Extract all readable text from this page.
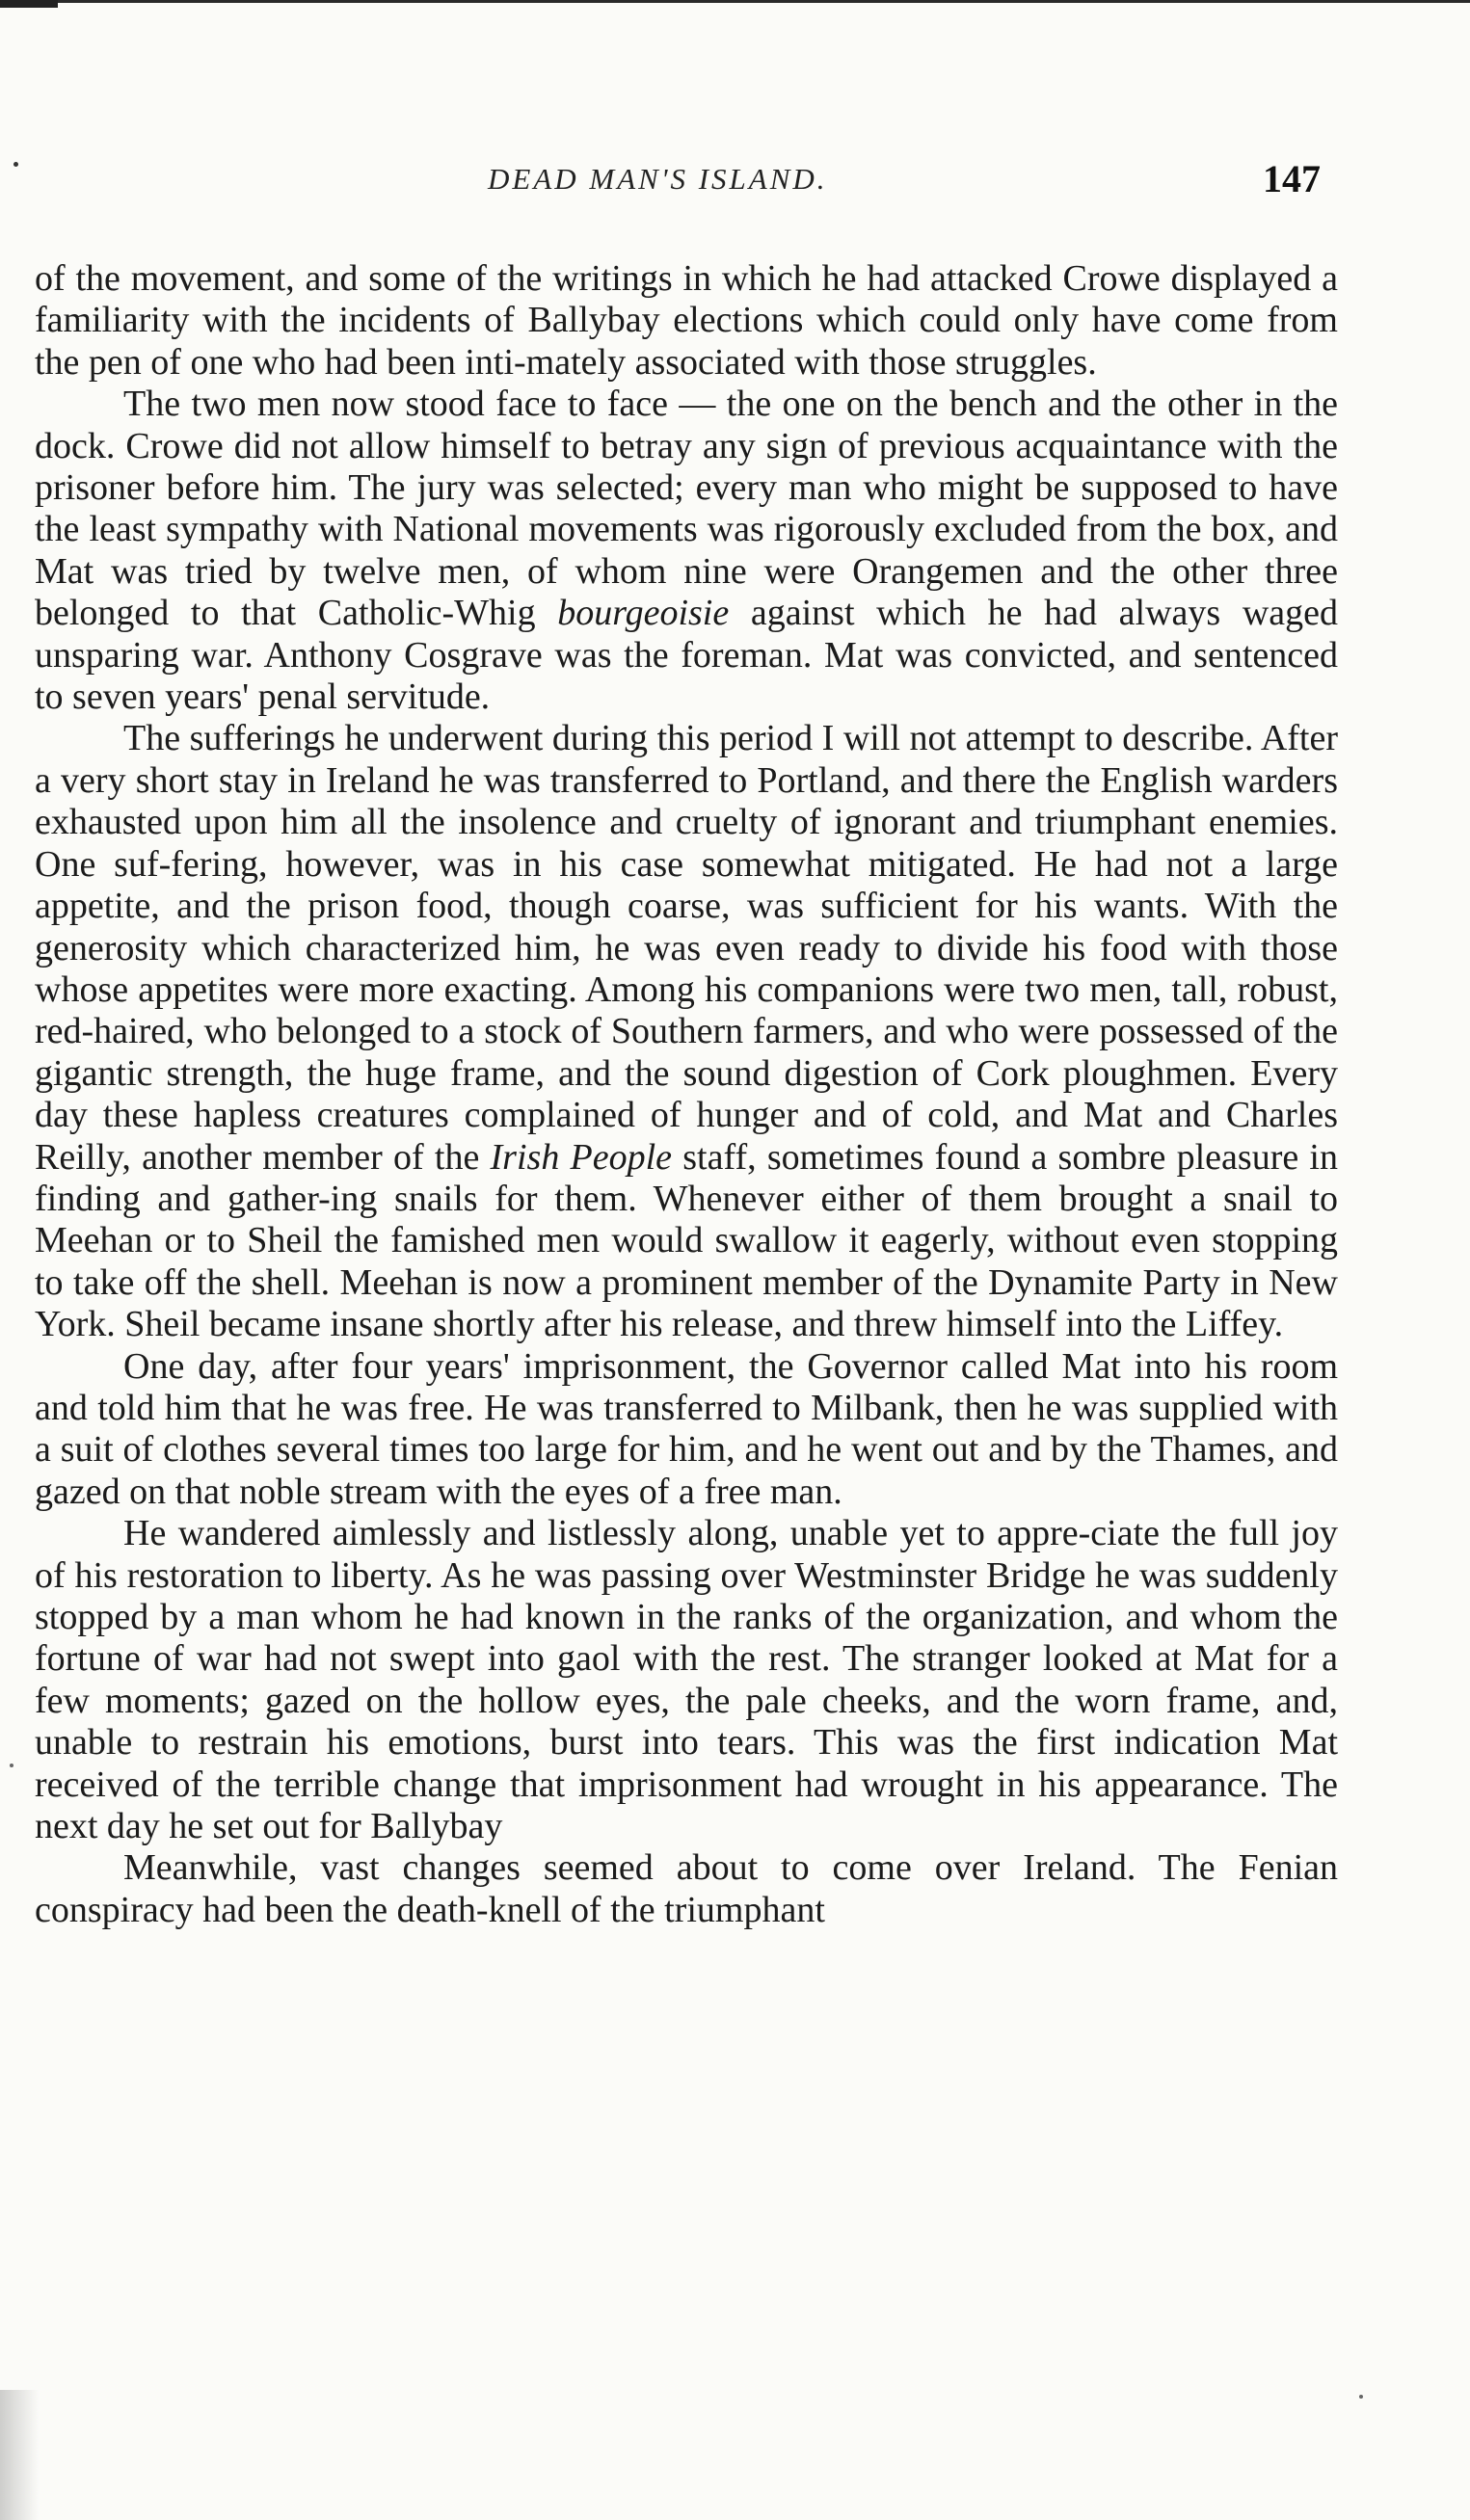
DEAD MAN'S ISLAND.	147

of the movement, and some of the writings in which he had attacked Crowe displayed a familiarity with the incidents of Ballybay elections which could only have come from the pen of one who had been inti-mately associated with those struggles.

The two men now stood face to face — the one on the bench and the other in the dock. Crowe did not allow himself to betray any sign of previous acquaintance with the prisoner before him. The jury was selected; every man who might be supposed to have the least sympathy with National movements was rigorously excluded from the box, and Mat was tried by twelve men, of whom nine were Orangemen and the other three belonged to that Catholic-Whig bourgeoisie against which he had always waged unsparing war. Anthony Cosgrave was the foreman. Mat was convicted, and sentenced to seven years' penal servitude.

The sufferings he underwent during this period I will not attempt to describe. After a very short stay in Ireland he was transferred to Portland, and there the English warders exhausted upon him all the insolence and cruelty of ignorant and triumphant enemies. One suf-fering, however, was in his case somewhat mitigated. He had not a large appetite, and the prison food, though coarse, was sufficient for his wants. With the generosity which characterized him, he was even ready to divide his food with those whose appetites were more exacting. Among his companions were two men, tall, robust, red-haired, who belonged to a stock of Southern farmers, and who were possessed of the gigantic strength, the huge frame, and the sound digestion of Cork ploughmen. Every day these hapless creatures complained of hunger and of cold, and Mat and Charles Reilly, another member of the Irish People staff, sometimes found a sombre pleasure in finding and gather-ing snails for them. Whenever either of them brought a snail to Meehan or to Sheil the famished men would swallow it eagerly, without even stopping to take off the shell. Meehan is now a prominent member of the Dynamite Party in New York. Sheil became insane shortly after his release, and threw himself into the Liffey.

One day, after four years' imprisonment, the Governor called Mat into his room and told him that he was free. He was transferred to Milbank, then he was supplied with a suit of clothes several times too large for him, and he went out and by the Thames, and gazed on that noble stream with the eyes of a free man.

He wandered aimlessly and listlessly along, unable yet to appre-ciate the full joy of his restoration to liberty. As he was passing over Westminster Bridge he was suddenly stopped by a man whom he had known in the ranks of the organization, and whom the fortune of war had not swept into gaol with the rest. The stranger looked at Mat for a few moments; gazed on the hollow eyes, the pale cheeks, and the worn frame, and, unable to restrain his emotions, burst into tears. This was the first indication Mat received of the terrible change that imprisonment had wrought in his appearance. The next day he set out for Ballybay

Meanwhile, vast changes seemed about to come over Ireland. The Fenian conspiracy had been the death-knell of the triumphant
